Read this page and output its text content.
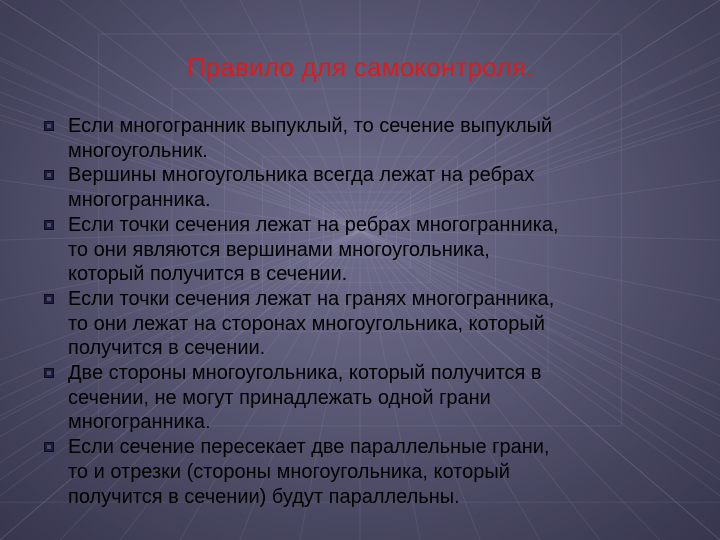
Правило для самоконтроля.
Если многогранник выпуклый, то сечение выпуклый
многоугольник.
Вершины многоугольника всегда лежат на ребрах
многогранника.
Если точки сечения лежат на ребрах многогранника,
то они являются вершинами многоугольника,
который получится в сечении.
Если точки сечения лежат на гранях многогранника,
то они лежат на сторонах многоугольника, который
получится в сечении.
Две стороны многоугольника, который получится в
сечении, не могут принадлежать одной грани
многогранника.
Если сечение пересекает две параллельные грани,
то и отрезки (стороны многоугольника, который
получится в сечении) будут параллельны.
